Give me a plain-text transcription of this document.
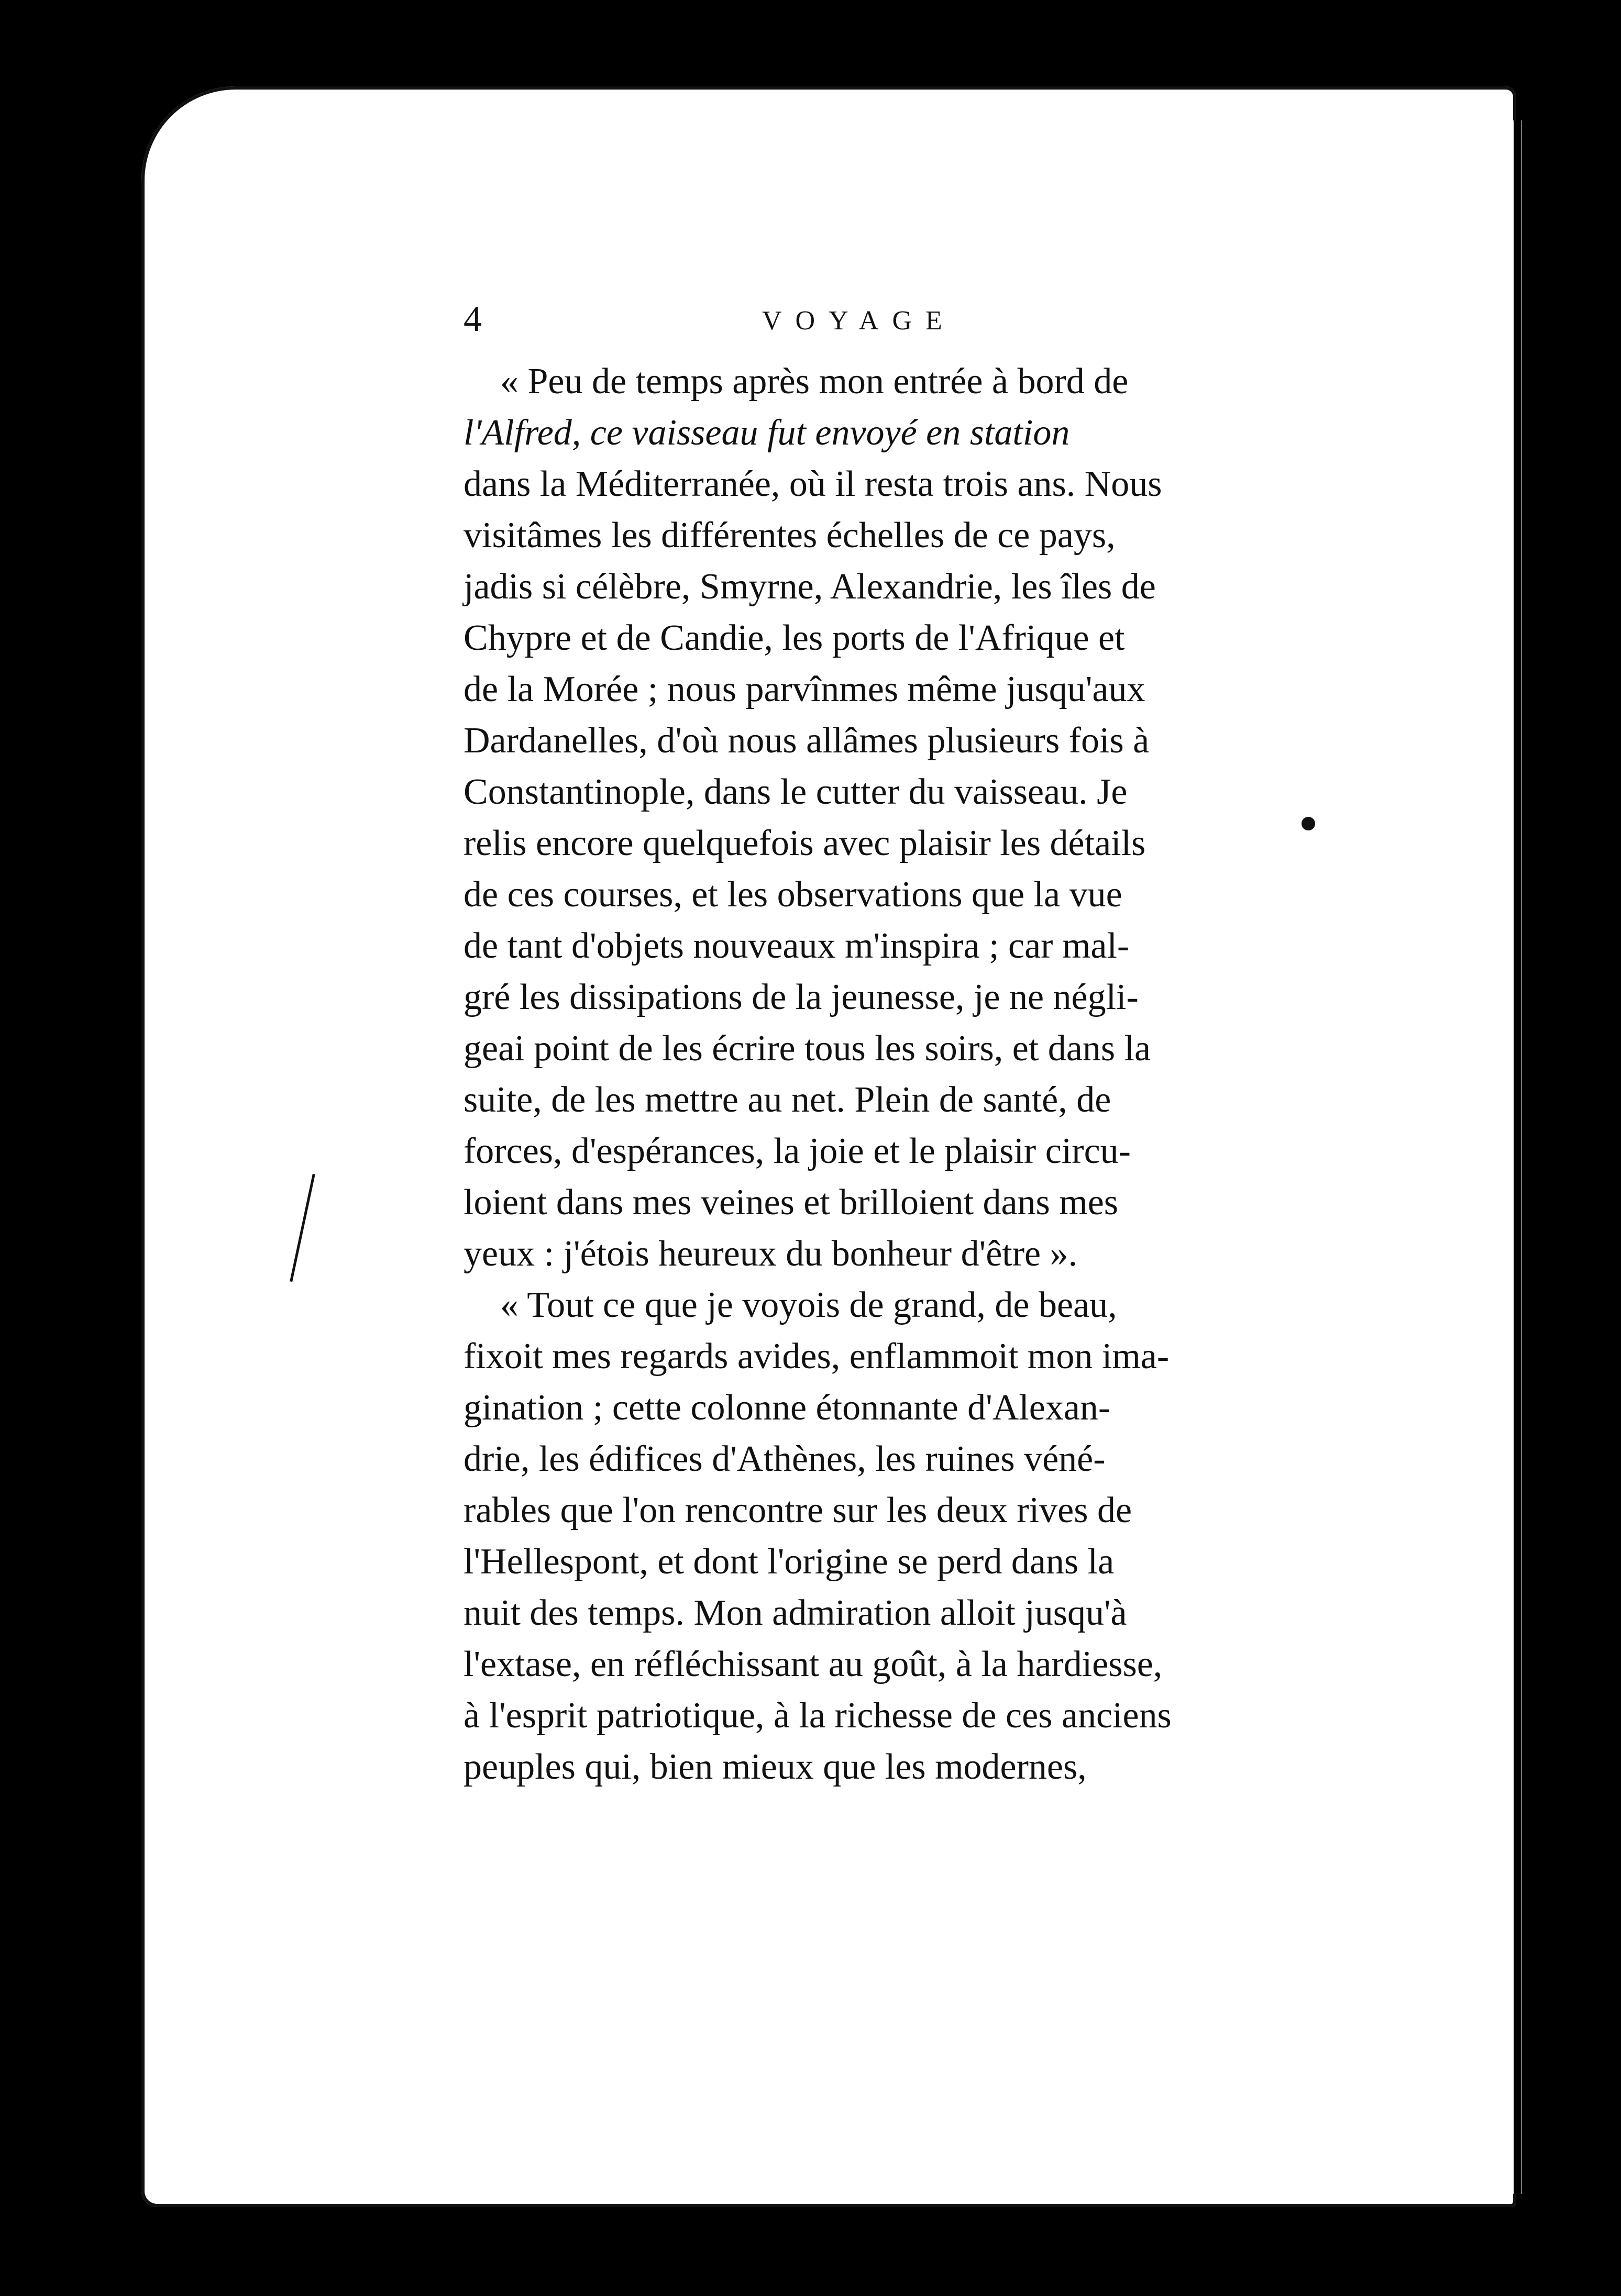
4	VOYAGE

« Peu de temps après mon entrée à bord de
l'Alfred, ce vaisseau fut envoyé en station
dans la Méditerranée, où il resta trois ans. Nous
visitâmes les différentes échelles de ce pays,
jadis si célèbre, Smyrne, Alexandrie, les îles de
Chypre et de Candie, les ports de l'Afrique et
de la Morée ; nous parvînmes même jusqu'aux
Dardanelles, d'où nous allâmes plusieurs fois à
Constantinople, dans le cutter du vaisseau. Je
relis encore quelquefois avec plaisir les détails
de ces courses, et les observations que la vue
de tant d'objets nouveaux m'inspira ; car mal-
gré les dissipations de la jeunesse, je ne négli-
geai point de les écrire tous les soirs, et dans la
suite, de les mettre au net. Plein de santé, de
forces, d'espérances, la joie et le plaisir circu-
loient dans mes veines et brilloient dans mes
yeux : j'étois heureux du bonheur d'être ».

« Tout ce que je voyois de grand, de beau,
fixoit mes regards avides, enflammoit mon ima-
gination ; cette colonne étonnante d'Alexan-
drie, les édifices d'Athènes, les ruines véné-
rables que l'on rencontre sur les deux rives de
l'Hellespont, et dont l'origine se perd dans la
nuit des temps. Mon admiration alloit jusqu'à
l'extase, en réfléchissant au goût, à la hardiesse,
à l'esprit patriotique, à la richesse de ces anciens
peuples qui, bien mieux que les modernes,
